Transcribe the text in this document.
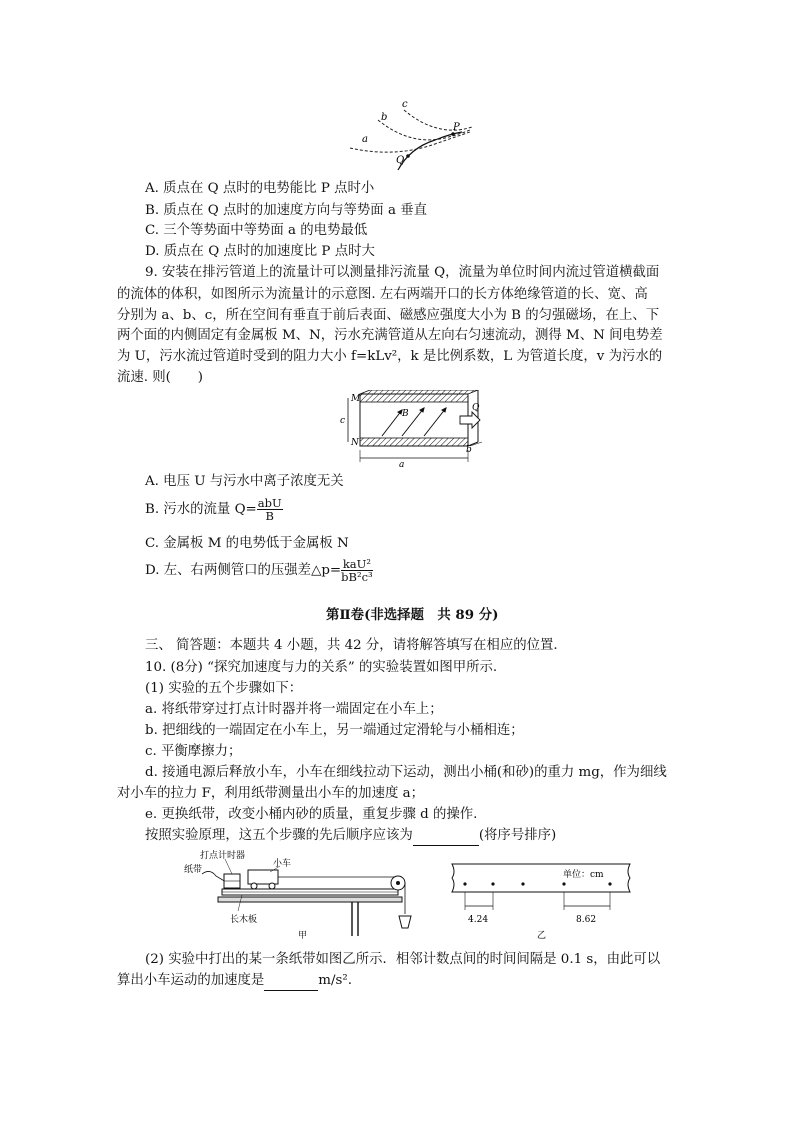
a
b
c
P
Q
A. 质点在 Q 点时的电势能比 P 点时小
B. 质点在 Q 点时的加速度方向与等势面 a 垂直
C. 三个等势面中等势面 a 的电势最低
D. 质点在 Q 点时的加速度比 P 点时大
9. 安装在排污管道上的流量计可以测量排污流量 Q，流量为单位时间内流过管道横截面
的流体的体积，如图所示为流量计的示意图. 左右两端开口的长方体绝缘管道的长、宽、高
分别为 a、b、c，所在空间有垂直于前后表面、磁感应强度大小为 B 的匀强磁场，在上、下
两个面的内侧固定有金属板 M、N，污水充满管道从左向右匀速流动，测得 M、N 间电势差
为 U，污水流过管道时受到的阻力大小 f=kLv²，k 是比例系数，L 为管道长度，v 为污水的
流速. 则(　　)
M
N
c
B
Q
a
b
A. 电压 U 与污水中离子浓度无关
B. 污水的流量 $Q= \frac{\text{abU}}{B}$
C. 金属板 M 的电势低于金属板 N
D. 左、右两侧管口的压强差△p= $\frac{\text{kaU²}}{\text{bB²c³}}$
第Ⅱ卷(非选择题　共 89 分)
三、 简答题：本题共 4 小题，共 42 分，请将解答填写在相应的位置.
10. (8分) “探究加速度与力的关系” 的实验装置如图甲所示.
(1) 实验的五个步骤如下：
a. 将纸带穿过打点计时器并将一端固定在小车上；
b. 把细线的一端固定在小车上，另一端通过定滑轮与小桶相连；
c. 平衡摩擦力；
d. 接通电源后释放小车，小车在细线拉动下运动，测出小桶(和砂)的重力 mg，作为细线
对小车的拉力 F，利用纸带测量出小车的加速度 a；
e. 更换纸带，改变小桶内砂的质量，重复步骤 d 的操作.
按照实验原理，这五个步骤的先后顺序应该为	(将序号排序)
打点计时器
小车
纸带
长木板
甲
单位：cm
4.24	8.62
乙
(2) 实验中打出的某一条纸带如图乙所示．相邻计数点间的时间间隔是 0.1 s，由此可以
算出小车运动的加速度是	m/s².
